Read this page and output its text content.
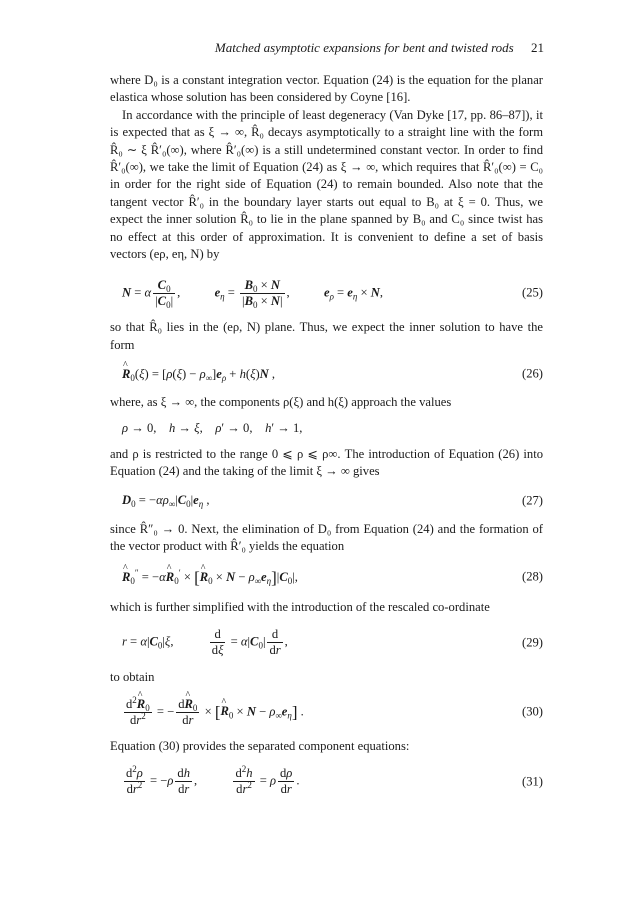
Matched asymptotic expansions for bent and twisted rods 21

where D₀ is a constant integration vector. Equation (24) is the equation for the planar elastica whose solution has been considered by Coyne [16].

In accordance with the principle of least degeneracy (Van Dyke [17, pp. 86–87]), it is expected that as ξ → ∞, R̂₀ decays asymptotically to a straight line with the form R̂₀ ∼ ξ R̂′₀(∞), where R̂′₀(∞) is a still undetermined constant vector. In order to find R̂′₀(∞), we take the limit of Equation (24) as ξ → ∞, which requires that R̂′₀(∞) = C₀ in order for the right side of Equation (24) to remain bounded. Also note that the tangent vector R̂′₀ in the boundary layer starts out equal to B₀ at ξ = 0. Thus, we expect the inner solution R̂₀ to lie in the plane spanned by B₀ and C₀ since twist has no effect at this order of approximation. It is convenient to define a set of basis vectors (eρ, eη, N) by

N = α $\frac{C_0}{|C_0|}$ ,  $e_\eta = \frac{B_0 \times N}{|B_0 \times N|}$ ,  $e_\rho = e_\eta \times N$,	(25)

so that R̂₀ lies in the (eρ, N) plane. Thus, we expect the inner solution to have the form

^ $R_0(\xi) = [\rho(\xi) - \rho_\infty]e_\rho + h(\xi)N$ ,	(26)

where, as ξ → ∞, the components ρ(ξ) and h(ξ) approach the values

ρ → 0,    h → ξ,    ρ′ → 0,    h′ → 1,

and ρ is restricted to the range 0 ⩽ ρ ⩽ ρ∞. The introduction of Equation (26) into Equation (24) and the taking of the limit ξ → ∞ gives

$D_0 = -\alpha\rho_\infty|C_0|e_\eta$ ,	(27)

since R̂″₀ → 0. Next, the elimination of D₀ from Equation (24) and the formation of the vector product with R̂′₀ yields the equation

^ $R_0''$ = −α^ $R_0'$ × [^ $R_0 \times N - \rho_\infty e_\eta]|C_0|$,	(28)

which is further simplified with the introduction of the rescaled co-ordinate

$r = \alpha|C_0|\xi$,	$\frac{d}{d\xi} = \alpha|C_0| \frac{d}{dr}$ ,	(29)

to obtain

$\frac{d^2\^{} R_0}{dr^2}$ = − $\frac{d\^{} R_0}{dr}$ × [^ $R_0 \times N - \rho_\infty e_\eta$] .	(30)

Equation (30) provides the separated component equations:

$\frac{d^2\rho}{dr^2} = -\rho \frac{dh}{dr}$ ,	$\frac{d^2h}{dr^2} = \rho \frac{d\rho}{dr}$ .	(31)
